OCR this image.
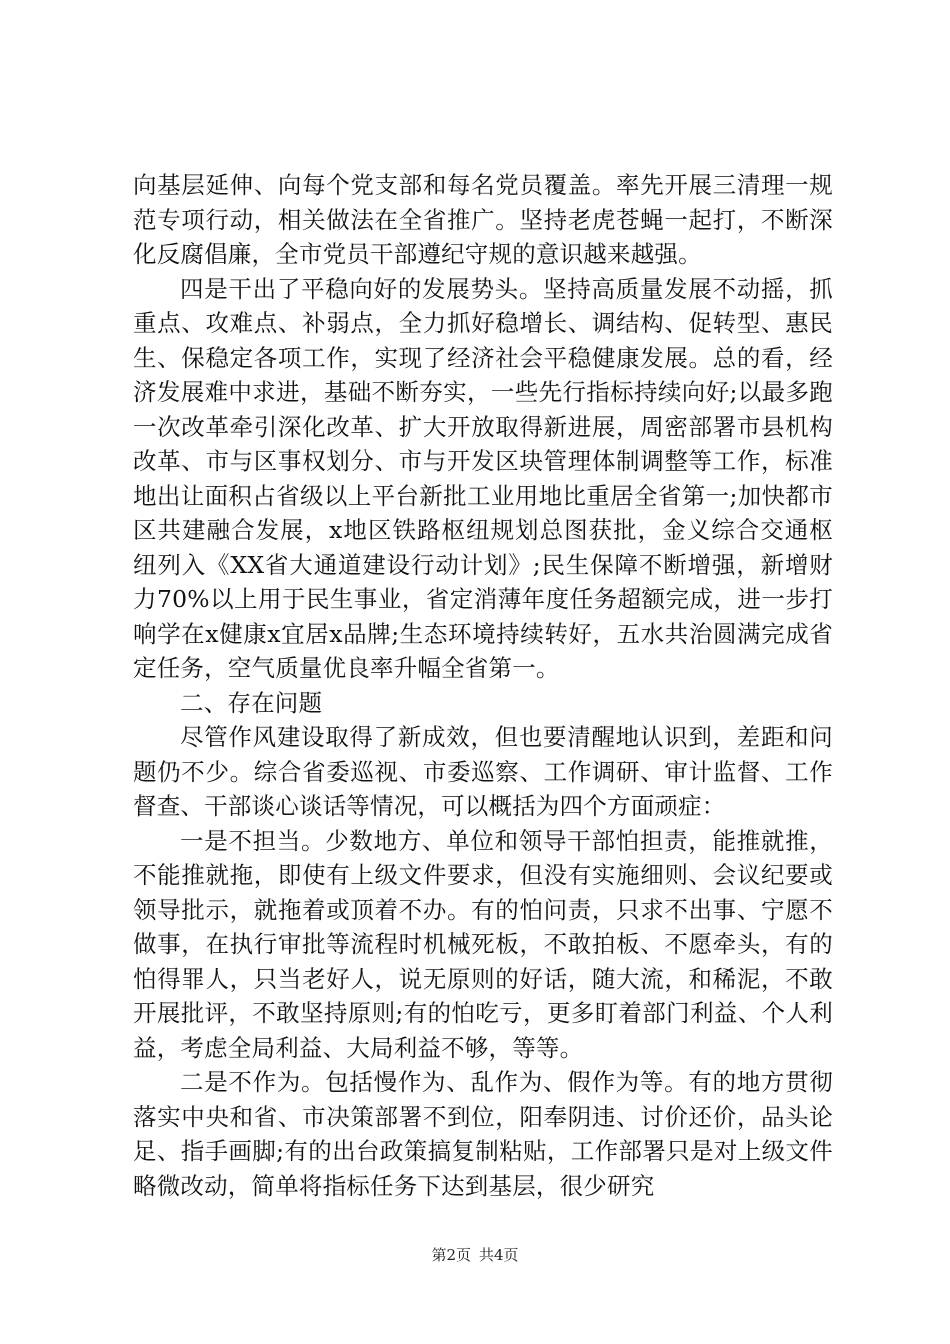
向基层延伸、向每个党支部和每名党员覆盖。率先开展三清理一规范专项行动，相关做法在全省推广。坚持老虎苍蝇一起打，不断深化反腐倡廉，全市党员干部遵纪守规的意识越来越强。

四是干出了平稳向好的发展势头。坚持高质量发展不动摇，抓重点、攻难点、补弱点，全力抓好稳增长、调结构、促转型、惠民生、保稳定各项工作，实现了经济社会平稳健康发展。总的看，经济发展难中求进，基础不断夯实，一些先行指标持续向好;以最多跑一次改革牵引深化改革、扩大开放取得新进展，周密部署市县机构改革、市与区事权划分、市与开发区块管理体制调整等工作，标准地出让面积占省级以上平台新批工业用地比重居全省第一;加快都市区共建融合发展，x地区铁路枢纽规划总图获批，金义综合交通枢纽列入《XX省大通道建设行动计划》;民生保障不断增强，新增财力70%以上用于民生事业，省定消薄年度任务超额完成，进一步打响学在x健康x宜居x品牌;生态环境持续转好，五水共治圆满完成省定任务，空气质量优良率升幅全省第一。

二、存在问题

尽管作风建设取得了新成效，但也要清醒地认识到，差距和问题仍不少。综合省委巡视、市委巡察、工作调研、审计监督、工作督查、干部谈心谈话等情况，可以概括为四个方面顽症：

一是不担当。少数地方、单位和领导干部怕担责，能推就推，不能推就拖，即使有上级文件要求，但没有实施细则、会议纪要或领导批示，就拖着或顶着不办。有的怕问责，只求不出事、宁愿不做事，在执行审批等流程时机械死板，不敢拍板、不愿牵头，有的怕得罪人，只当老好人，说无原则的好话，随大流，和稀泥，不敢开展批评，不敢坚持原则;有的怕吃亏，更多盯着部门利益、个人利益，考虑全局利益、大局利益不够，等等。

二是不作为。包括慢作为、乱作为、假作为等。有的地方贯彻落实中央和省、市决策部署不到位，阳奉阴违、讨价还价，品头论足、指手画脚;有的出台政策搞复制粘贴，工作部署只是对上级文件略微改动，简单将指标任务下达到基层，很少研究

第2页 共4页
